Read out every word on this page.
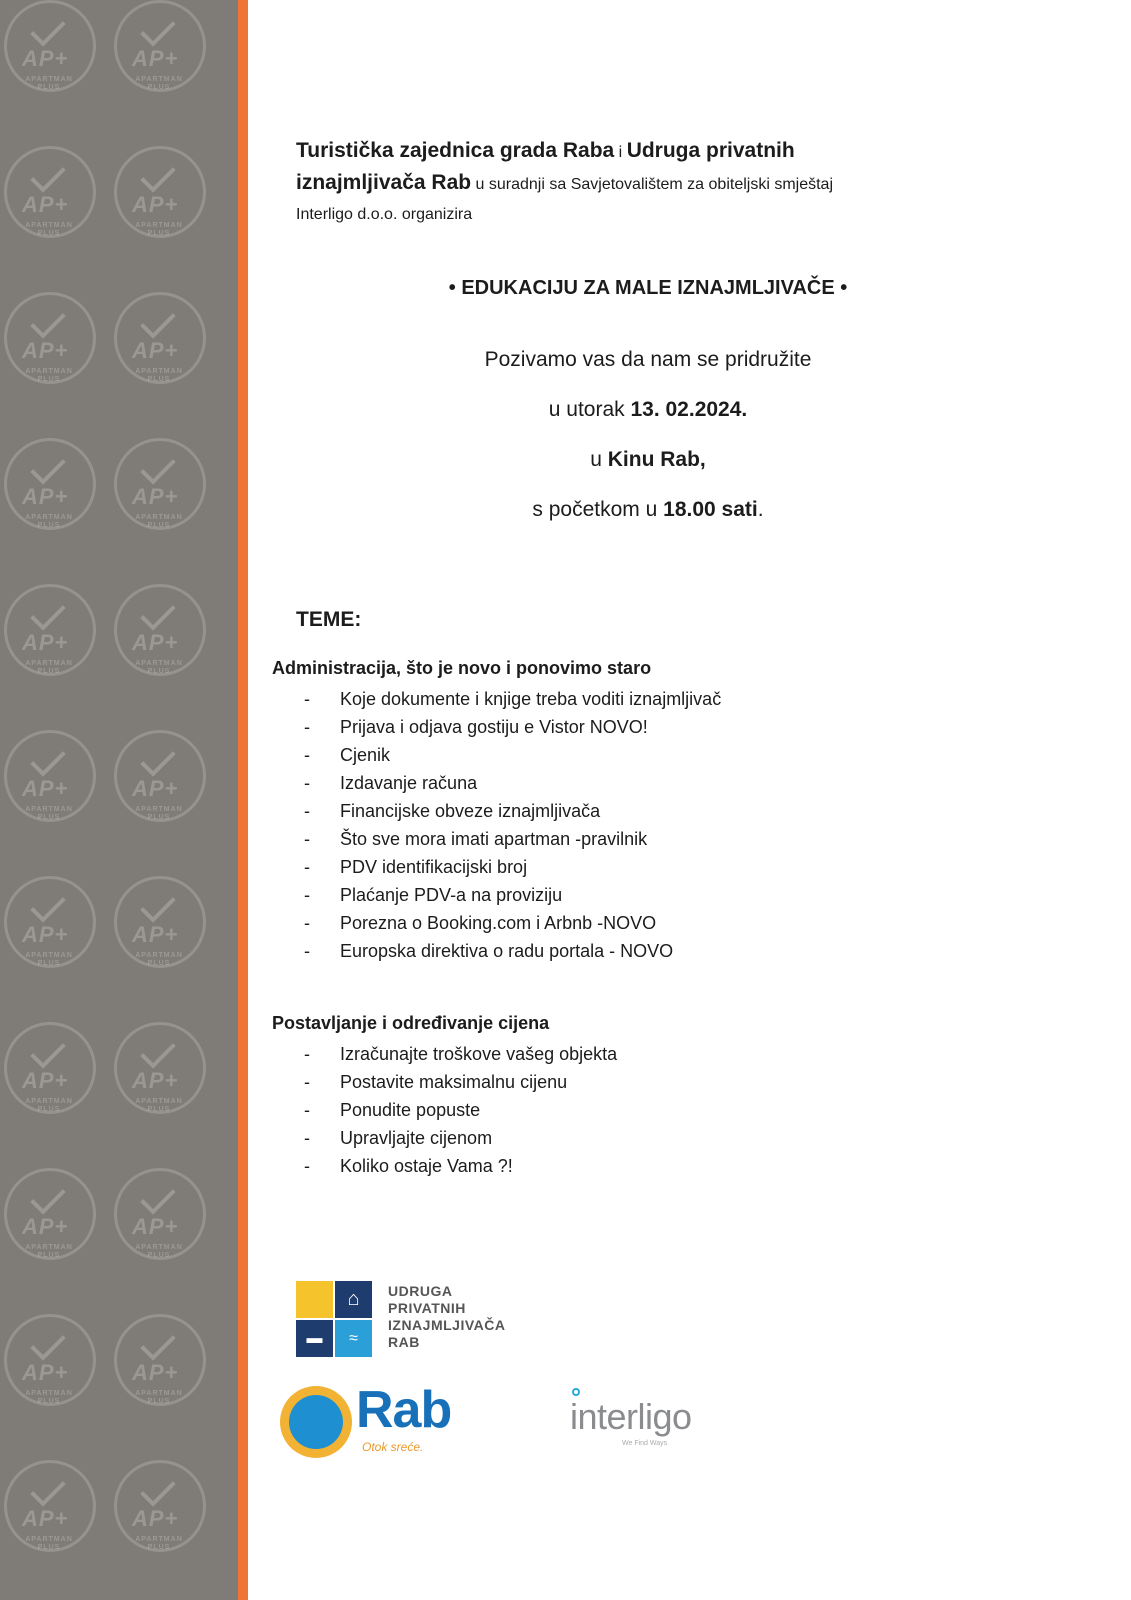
AP+
APARTMAN PLUS
AP+
APARTMAN PLUS
AP+
APARTMAN PLUS
AP+
APARTMAN PLUS
AP+
APARTMAN PLUS
AP+
APARTMAN PLUS
AP+
APARTMAN PLUS
AP+
APARTMAN PLUS
AP+
APARTMAN PLUS
AP+
APARTMAN PLUS
AP+
APARTMAN PLUS
AP+
APARTMAN PLUS
AP+
APARTMAN PLUS
AP+
APARTMAN PLUS
AP+
APARTMAN PLUS
AP+
APARTMAN PLUS
AP+
APARTMAN PLUS
AP+
APARTMAN PLUS
AP+
APARTMAN PLUS
AP+
APARTMAN PLUS
AP+
APARTMAN PLUS
AP+
APARTMAN PLUS
Turistička zajednica grada Raba i Udruga privatnih
iznajmljivača Rab u suradnji sa Savjetovalištem za obiteljski smještaj
Interligo d.o.o. organizira
• EDUKACIJU ZA MALE IZNAJMLJIVAČE •
Pozivamo vas da nam se pridružite
u utorak 13. 02.2024.
u Kinu Rab,
s početkom u 18.00 sati.
TEME:
Administracija, što je novo i ponovimo staro
- Koje dokumente i knjige treba voditi iznajmljivač
- Prijava i odjava gostiju e Vistor NOVO!
- Cjenik
- Izdavanje računa
- Financijske obveze iznajmljivača
- Što sve mora imati apartman -pravilnik
- PDV identifikacijski broj
- Plaćanje PDV-a na proviziju
- Porezna o Booking.com i Arbnb -NOVO
- Europska direktiva o radu portala - NOVO
Postavljanje i određivanje cijena
- Izračunajte troškove vašeg objekta
- Postavite maksimalnu cijenu
- Ponudite popuste
- Upravljajte cijenom
- Koliko ostaje Vama ?!
⌂
▬	≈
UDRUGA
PRIVATNIH
IZNAJMLJIVAČA
RAB
Rab
Otok sreće.
interligo
We Find Ways
